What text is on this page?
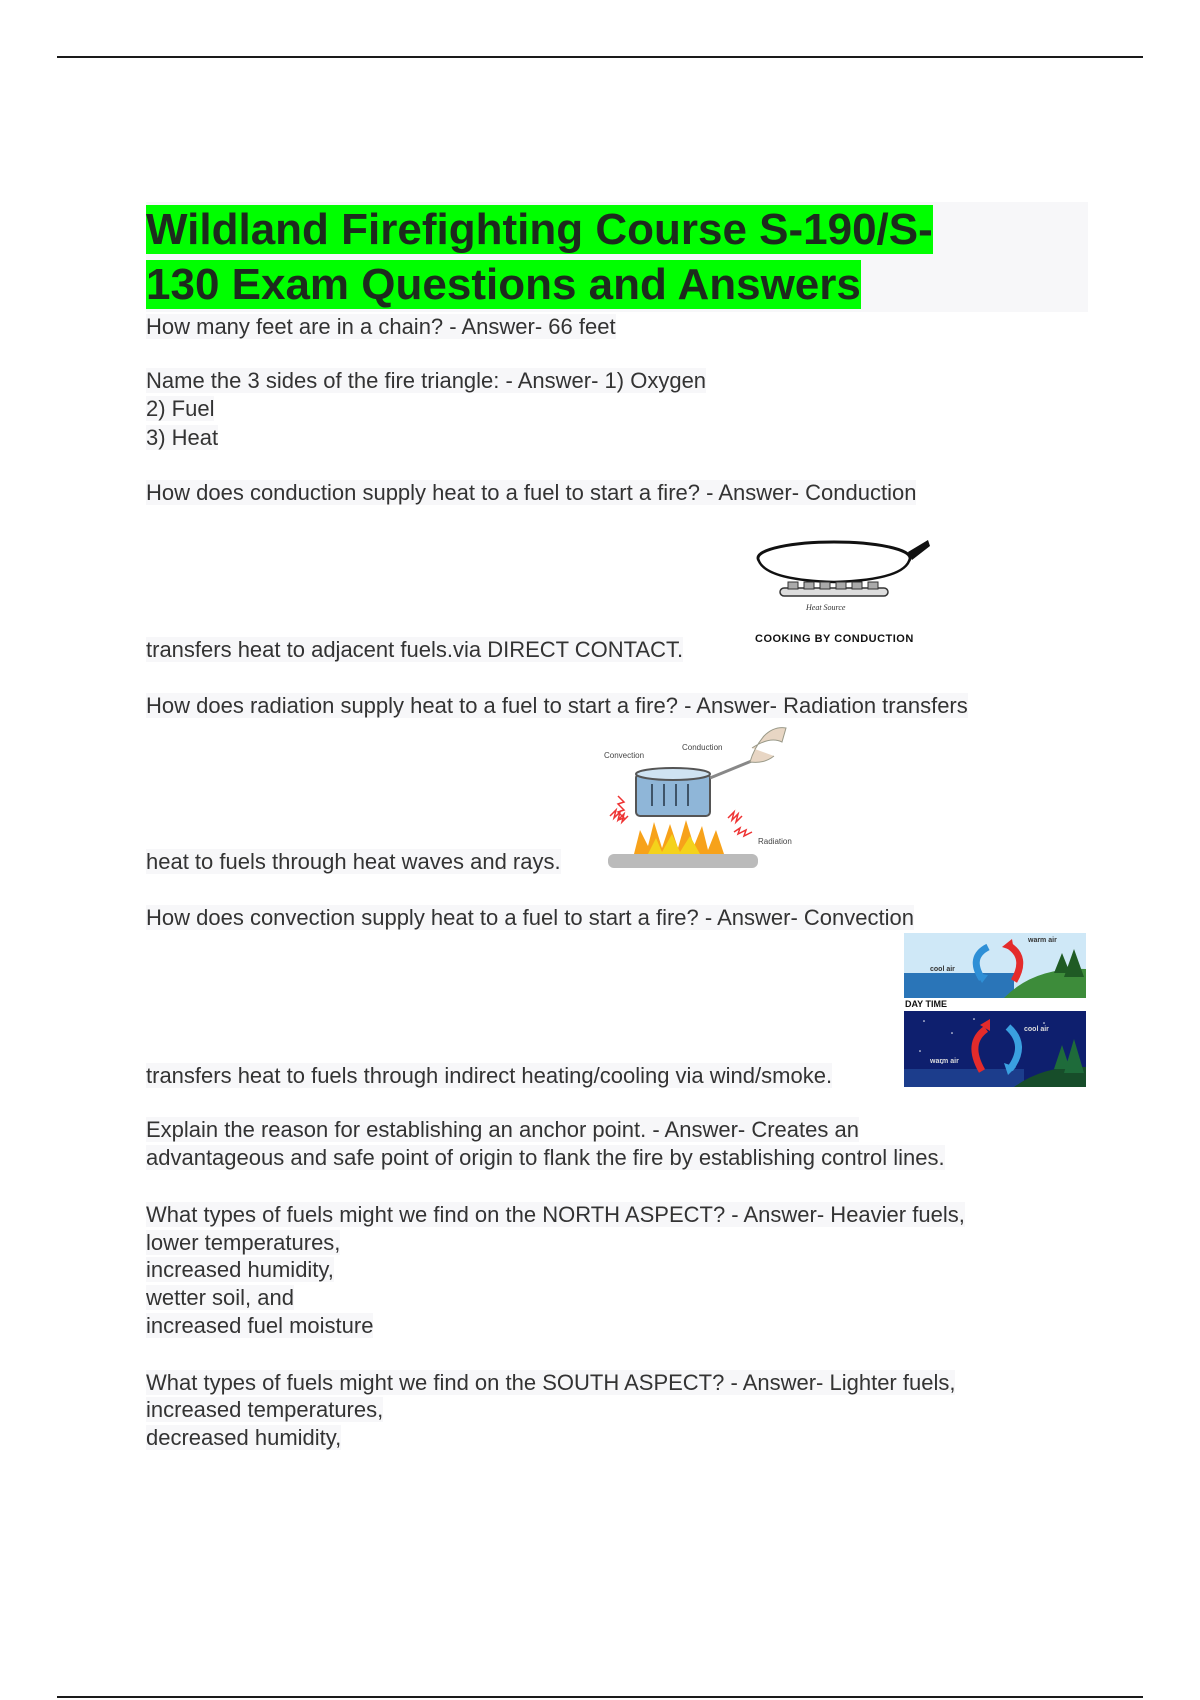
Wildland Firefighting Course S-190/S-
130 Exam Questions and Answers
How many feet are in a chain? - Answer- 66 feet
Name the 3 sides of the fire triangle: - Answer- 1) Oxygen
2) Fuel
3) Heat
How does conduction supply heat to a fuel to start a fire? - Answer- Conduction
transfers heat to adjacent fuels.via DIRECT CONTACT.
How does radiation supply heat to a fuel to start a fire? - Answer- Radiation transfers
heat to fuels through heat waves and rays.
How does convection supply heat to a fuel to start a fire? - Answer- Convection
transfers heat to fuels through indirect heating/cooling via wind/smoke.
Explain the reason for establishing an anchor point. - Answer- Creates an
advantageous and safe point of origin to flank the fire by establishing control lines.
What types of fuels might we find on the NORTH ASPECT? - Answer- Heavier fuels,
lower temperatures,
increased humidity,
wetter soil, and
increased fuel moisture
What types of fuels might we find on the SOUTH ASPECT? - Answer- Lighter fuels,
increased temperatures,
decreased humidity,
Heat Source
COOKING BY CONDUCTION
Convection
Conduction
Radiation
warm air
cool air
DAY TIME
cool air
warm air
